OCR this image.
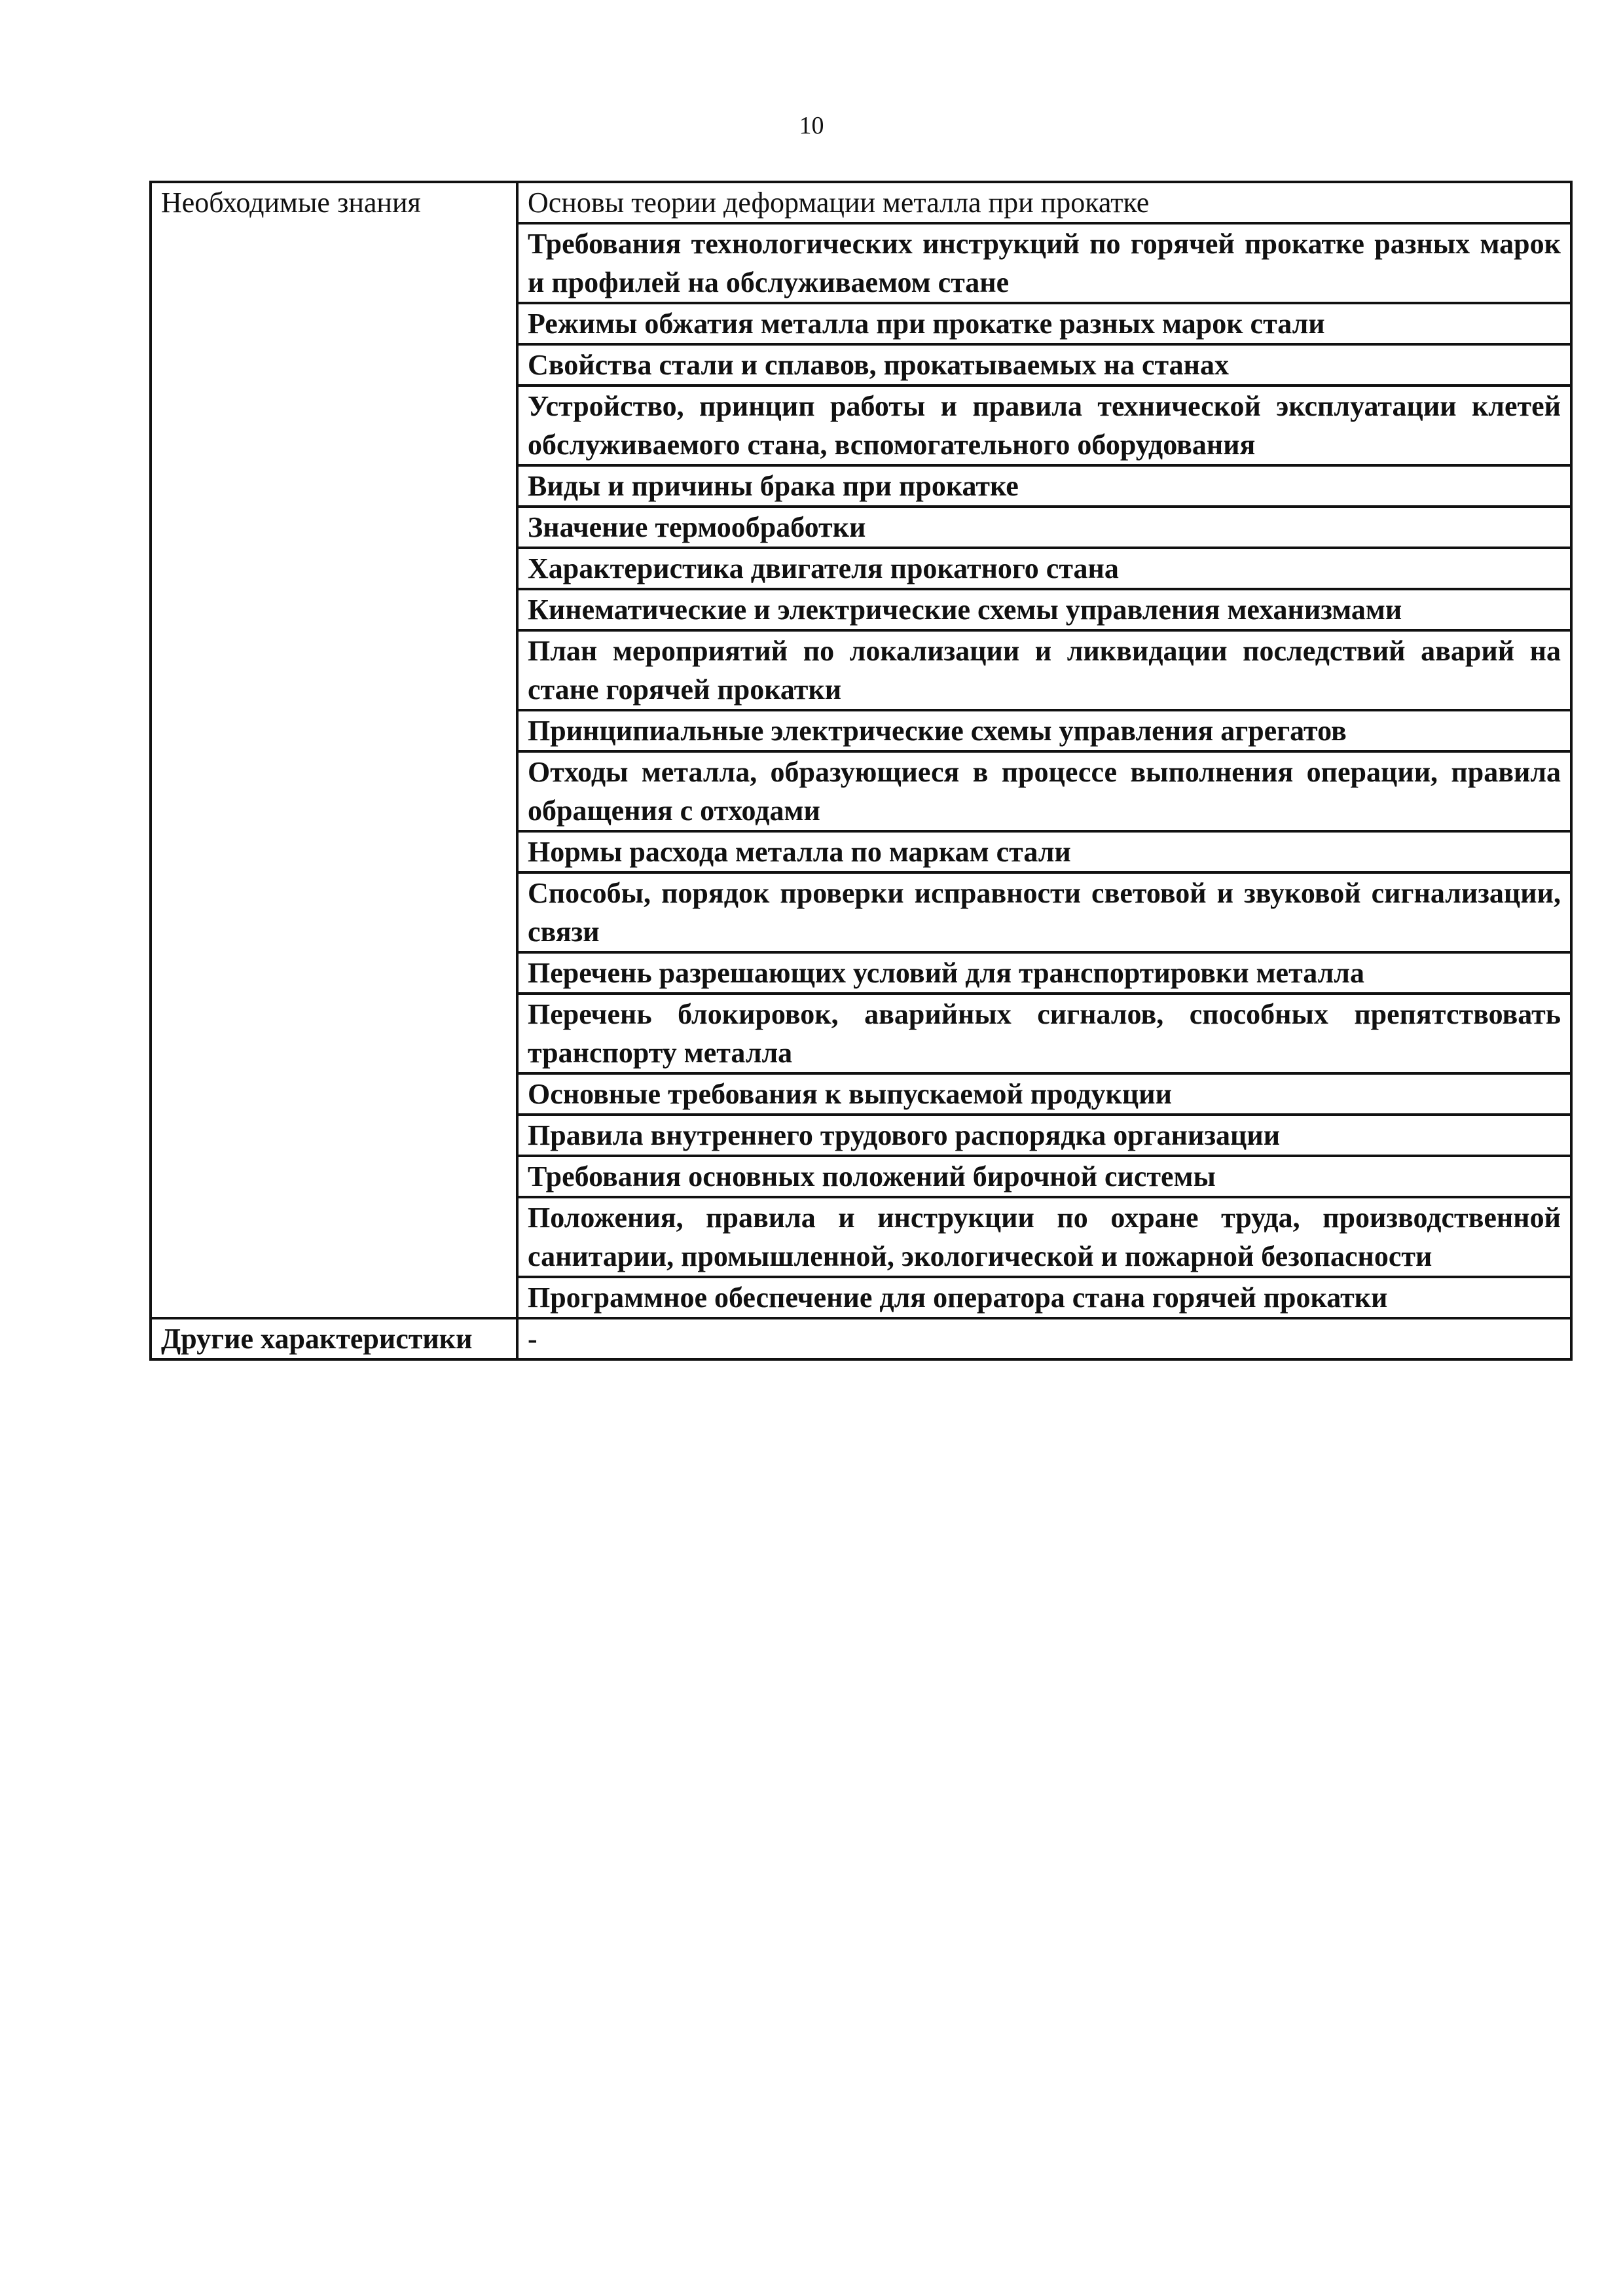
10
Необходимые знания	Основы теории деформации металла при прокатке
	Требования технологических инструкций по горячей прокатке разных марок и профилей на обслуживаемом стане
	Режимы обжатия металла при прокатке разных марок стали
	Свойства стали и сплавов, прокатываемых на станах
	Устройство, принцип работы и правила технической эксплуатации клетей обслуживаемого стана, вспомогательного оборудования
	Виды и причины брака при прокатке
	Значение термообработки
	Характеристика двигателя прокатного стана
	Кинематические и электрические схемы управления механизмами
	План мероприятий по локализации и ликвидации последствий аварий на стане горячей прокатки
	Принципиальные электрические схемы управления агрегатов
	Отходы металла, образующиеся в процессе выполнения операции, правила обращения с отходами
	Нормы расхода металла по маркам стали
	Способы, порядок проверки исправности световой и звуковой сигнализации, связи
	Перечень разрешающих условий для транспортировки металла
	Перечень блокировок, аварийных сигналов, способных препятствовать транспорту металла
	Основные требования к выпускаемой продукции
	Правила внутреннего трудового распорядка организации
	Требования основных положений бирочной системы
	Положения, правила и инструкции по охране труда, производственной санитарии, промышленной, экологической и пожарной безопасности
	Программное обеспечение для оператора стана горячей прокатки
Другие характеристики	-
